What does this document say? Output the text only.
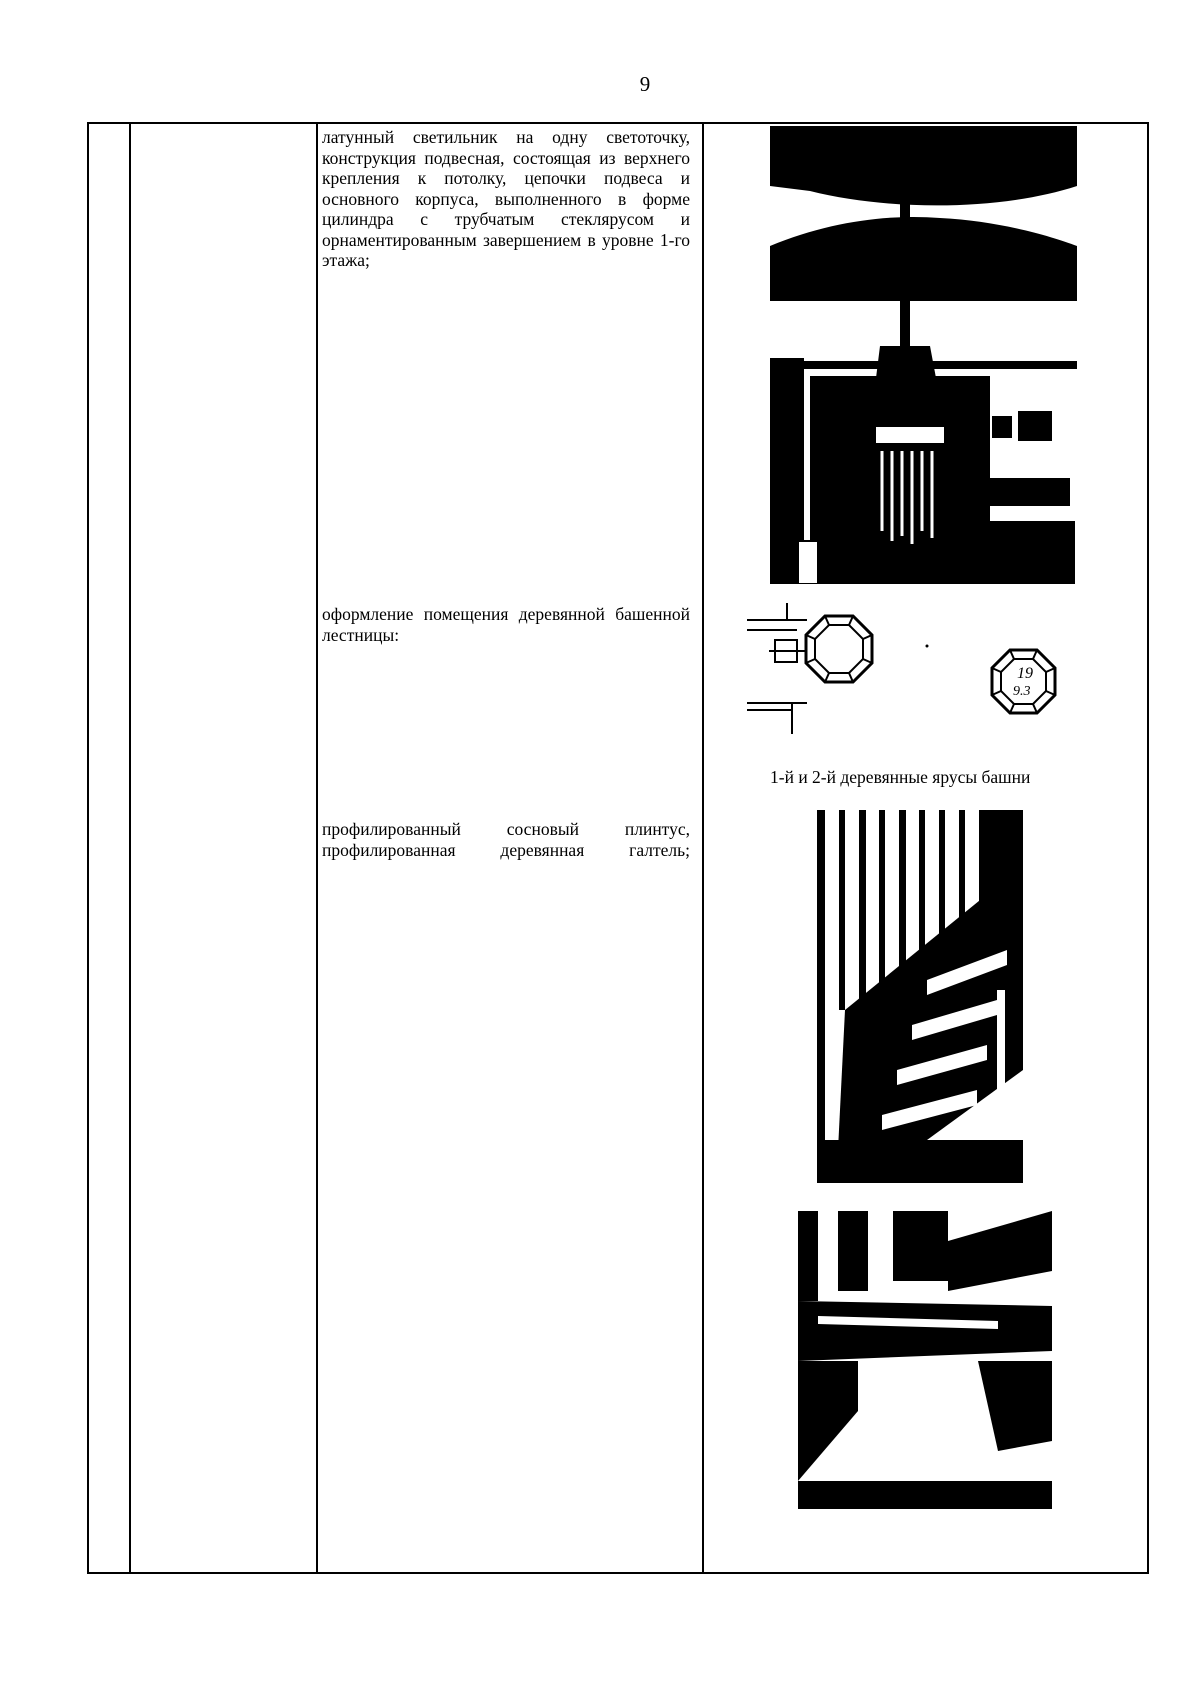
9
латунный светильник на одну светоточку, конструкция подвесная, состоящая из верхнего крепления к потолку, цепочки подвеса и основного корпуса, выполненного в форме цилиндра с трубчатым стеклярусом и орнаментированным завершением в уровне 1-го этажа;
оформление помещения деревянной башенной лестницы:
профилированный сосновый плинтус, профилированная деревянная галтель;
19
9.3
1-й и 2-й деревянные ярусы башни
